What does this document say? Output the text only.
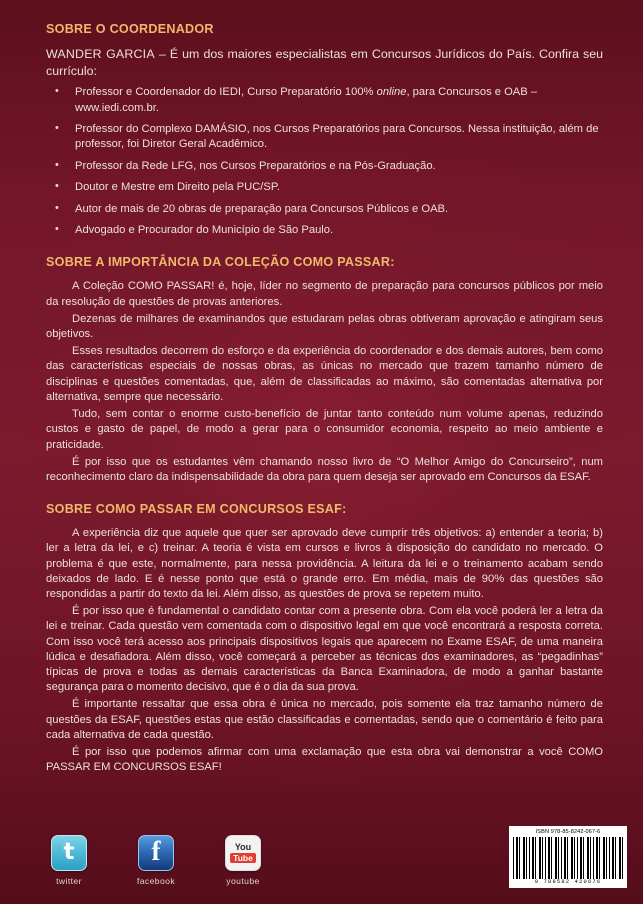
SOBRE O COORDENADOR

WANDER GARCIA – É um dos maiores especialistas em Concursos Jurídicos do País. Confira seu currículo:

• Professor e Coordenador do IEDI, Curso Preparatório 100% online, para Concursos e OAB – www.iedi.com.br.
• Professor do Complexo DAMÁSIO, nos Cursos Preparatórios para Concursos. Nessa instituição, além de professor, foi Diretor Geral Acadêmico.
• Professor da Rede LFG, nos Cursos Preparatórios e na Pós-Graduação.
• Doutor e Mestre em Direito pela PUC/SP.
• Autor de mais de 20 obras de preparação para Concursos Públicos e OAB.
• Advogado e Procurador do Município de São Paulo.
SOBRE A IMPORTÂNCIA DA COLEÇÃO COMO PASSAR:

A Coleção COMO PASSAR! é, hoje, líder no segmento de preparação para concursos públicos por meio da resolução de questões de provas anteriores.

Dezenas de milhares de examinandos que estudaram pelas obras obtiveram aprovação e atingiram seus objetivos.

Esses resultados decorrem do esforço e da experiência do coordenador e dos demais autores, bem como das características especiais de nossas obras, as únicas no mercado que trazem tamanho número de disciplinas e questões comentadas, que, além de classificadas ao máximo, são comentadas alternativa por alternativa, sempre que necessário.

Tudo, sem contar o enorme custo-benefício de juntar tanto conteúdo num volume apenas, reduzindo custos e gasto de papel, de modo a gerar para o consumidor economia, respeito ao meio ambiente e praticidade.

É por isso que os estudantes vêm chamando nosso livro de “O Melhor Amigo do Concurseiro”, num reconhecimento claro da indispensabilidade da obra para quem deseja ser aprovado em Concursos da ESAF.

SOBRE COMO PASSAR EM CONCURSOS ESAF:

A experiência diz que aquele que quer ser aprovado deve cumprir três objetivos: a) entender a teoria; b) ler a letra da lei, e c) treinar. A teoria é vista em cursos e livros à disposição do candidato no mercado. O problema é que este, normalmente, para nessa providência. A leitura da lei e o treinamento acabam sendo deixados de lado. E é nesse ponto que está o grande erro. Em média, mais de 90% das questões são respondidas a partir do texto da lei. Além disso, as questões de prova se repetem muito.

É por isso que é fundamental o candidato contar com a presente obra. Com ela você poderá ler a letra da lei e treinar. Cada questão vem comentada com o dispositivo legal em que você encontrará a resposta correta. Com isso você terá acesso aos principais dispositivos legais que aparecem no Exame ESAF, de uma maneira lúdica e desafiadora. Além disso, você começará a perceber as técnicas dos examinadores, as “pegadinhas” típicas de prova e todas as demais características da Banca Examinadora, de modo a ganhar bastante segurança para o momento decisivo, que é o dia da sua prova.

É importante ressaltar que essa obra é única no mercado, pois somente ela traz tamanho número de questões da ESAF, questões estas que estão classificadas e comentadas, sendo que o comentário é feito para cada alternativa de cada questão.

É por isso que podemos afirmar com uma exclamação que esta obra vai demonstrar a você COMO PASSAR EM CONCURSOS ESAF!

t
twitter
f
facebook
You
Tube
youtube
ISBN 978-85-8242-067-6
9 788582 420676
